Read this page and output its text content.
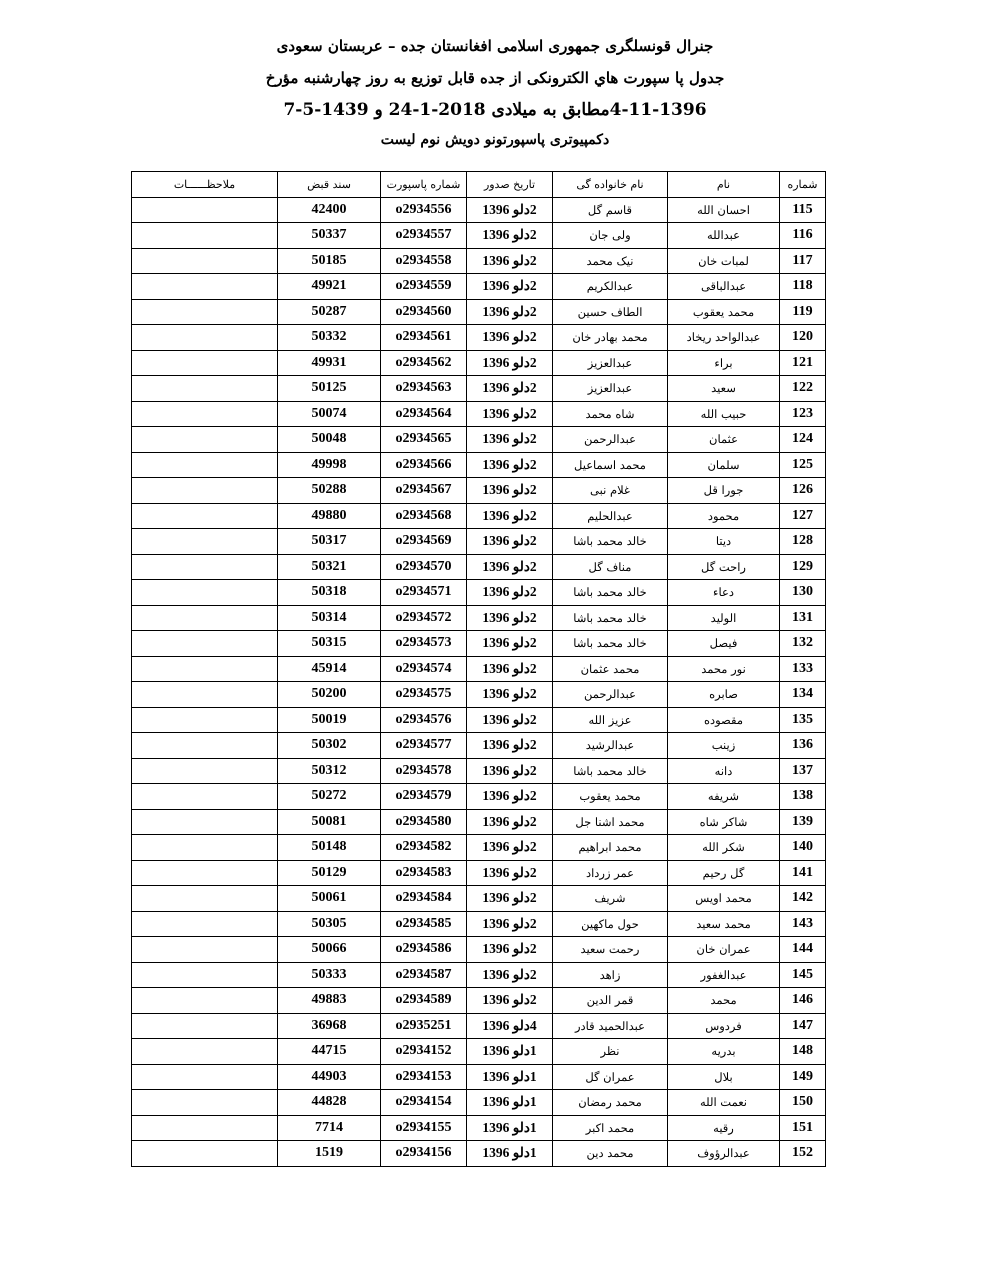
جنرال قونسلگری جمهوری اسلامی افغانستان جده – عربستان سعودی
جدول پا سپورت هاي الكترونكی از جده قابل توزيع به روز چهارشنبه مؤرخ
4-11-1396مطابق به میلادی 2018-1-24 و 1439-5-7
دکمپیوتری پاسپورتونو دویش نوم لیست
شماره	نام	نام خانواده گی	تاریخ صدور	شماره پاسپورت	سند قبض	ملاحظــــــات
115	احسان الله	قاسم گل	2دلو 1396	o2934556	42400	
116	عبدالله	ولی جان	2دلو 1396	o2934557	50337	
117	لمبات خان	نیک محمد	2دلو 1396	o2934558	50185	
118	عبدالباقی	عبدالکریم	2دلو 1396	o2934559	49921	
119	محمد يعقوب	الطاف حسين	2دلو 1396	o2934560	50287	
120	عبدالواحد ريخاد	محمد بهادر خان	2دلو 1396	o2934561	50332	
121	براء	عبدالعزيز	2دلو 1396	o2934562	49931	
122	سعيد	عبدالعزيز	2دلو 1396	o2934563	50125	
123	حبيب الله	شاه محمد	2دلو 1396	o2934564	50074	
124	عثمان	عبدالرحمن	2دلو 1396	o2934565	50048	
125	سلمان	محمد اسماعیل	2دلو 1396	o2934566	49998	
126	جورا قل	غلام نبی	2دلو 1396	o2934567	50288	
127	محمود	عبدالحليم	2دلو 1396	o2934568	49880	
128	ديتا	خالد محمد باشا	2دلو 1396	o2934569	50317	
129	راحت گل	مناف گل	2دلو 1396	o2934570	50321	
130	دعاء	خالد محمد باشا	2دلو 1396	o2934571	50318	
131	الوليد	خالد محمد باشا	2دلو 1396	o2934572	50314	
132	فيصل	خالد محمد باشا	2دلو 1396	o2934573	50315	
133	نور محمد	محمد عثمان	2دلو 1396	o2934574	45914	
134	صابره	عبدالرحمن	2دلو 1396	o2934575	50200	
135	مقصوده	عزيز الله	2دلو 1396	o2934576	50019	
136	زينب	عبدالرشيد	2دلو 1396	o2934577	50302	
137	دانه	خالد محمد باشا	2دلو 1396	o2934578	50312	
138	شريفه	محمد يعقوب	2دلو 1396	o2934579	50272	
139	شاكر شاه	محمد اشنا جل	2دلو 1396	o2934580	50081	
140	شكر الله	محمد ابراهيم	2دلو 1396	o2934582	50148	
141	گل رحيم	عمر زرداد	2دلو 1396	o2934583	50129	
142	محمد اويس	شريف	2دلو 1396	o2934584	50061	
143	محمد سعيد	حول ماكهين	2دلو 1396	o2934585	50305	
144	عمران خان	رحمت سعيد	2دلو 1396	o2934586	50066	
145	عبدالغفور	زاهد	2دلو 1396	o2934587	50333	
146	محمد	قمر الدين	2دلو 1396	o2934589	49883	
147	فردوس	عبدالحميد قادر	4دلو 1396	o2935251	36968	
148	بدريه	نظر	1دلو 1396	o2934152	44715	
149	بلال	عمران گل	1دلو 1396	o2934153	44903	
150	نعمت الله	محمد رمضان	1دلو 1396	o2934154	44828	
151	رقيه	محمد اكبر	1دلو 1396	o2934155	7714	
152	عبدالرؤوف	محمد دين	1دلو 1396	o2934156	1519	
